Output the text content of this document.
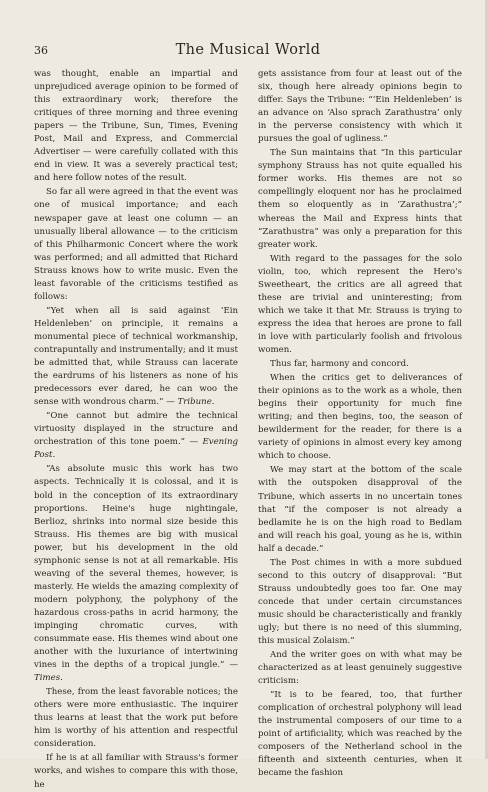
36	The Musical World

was thought, enable an impartial and unprejudiced average opinion to be formed of this extraordinary work; therefore the critiques of three morning and three evening papers — the Tribune, Sun, Times, Evening Post, Mail and Express, and Commercial Advertiser — were carefully collated with this end in view. It was a severely practical test; and here follow notes of the result.

So far all were agreed in that the event was one of musical importance; and each newspaper gave at least one column — an unusually liberal allowance — to the criticism of this Philharmonic Concert where the work was performed; and all admitted that Richard Strauss knows how to write music. Even the least favorable of the criticisms testified as follows:

“Yet when all is said against ‘Ein Heldenleben’ on principle, it remains a monumental piece of technical workmanship, contrapuntally and instrumentally; and it must be admitted that, while Strauss can lacerate the eardrums of his listeners as none of his predecessors ever dared, he can woo the sense with wondrous charm.” — Tribune.

“One cannot but admire the technical virtuosity displayed in the structure and orchestration of this tone poem.” — Evening Post.

“As absolute music this work has two aspects. Technically it is colossal, and it is bold in the conception of its extraordinary proportions. Heine's huge nightingale, Berlioz, shrinks into normal size beside this Strauss. His themes are big with musical power, but his development in the old symphonic sense is not at all remarkable. His weaving of the several themes, however, is masterly. He wields the amazing complexity of modern polyphony, the polyphony of the hazardous cross-paths in acrid harmony, the impinging chromatic curves, with consummate ease. His themes wind about one another with the luxuriance of intertwining vines in the depths of a tropical jungle.” — Times.

These, from the least favorable notices; the others were more enthusiastic. The inquirer thus learns at least that the work put before him is worthy of his attention and respectful consideration.

If he is at all familiar with Strauss's former works, and wishes to compare this with those, he

gets assistance from four at least out of the six, though here already opinions begin to differ. Says the Tribune: “‘Ein Heldenleben’ is an advance on ‘Also sprach Zarathustra’ only in the perverse consistency with which it pursues the goal of ugliness.”

The Sun maintains that “In this particular symphony Strauss has not quite equalled his former works. His themes are not so compellingly eloquent nor has he proclaimed them so eloquently as in ‘Zarathustra’;” whereas the Mail and Express hints that “Zarathustra” was only a preparation for this greater work.

With regard to the passages for the solo violin, too, which represent the Hero's Sweetheart, the critics are all agreed that these are trivial and uninteresting; from which we take it that Mr. Strauss is trying to express the idea that heroes are prone to fall in love with particularly foolish and frivolous women.

Thus far, harmony and concord.

When the critics get to deliverances of their opinions as to the work as a whole, then begins their opportunity for much fine writing; and then begins, too, the season of bewilderment for the reader, for there is a variety of opinions in almost every key among which to choose.

We may start at the bottom of the scale with the outspoken disapproval of the Tribune, which asserts in no uncertain tones that “if the composer is not already a bedlamite he is on the high road to Bedlam and will reach his goal, young as he is, within half a decade.”

The Post chimes in with a more subdued second to this outcry of disapproval: “But Strauss undoubtedly goes too far. One may concede that under certain circumstances music should be characteristically and frankly ugly; but there is no need of this slumming, this musical Zolaism.”

And the writer goes on with what may be characterized as at least genuinely suggestive criticism:

“It is to be feared, too, that further complication of orchestral polyphony will lead the instrumental composers of our time to a point of artificiality, which was reached by the composers of the Netherland school in the fifteenth and sixteenth centuries, when it became the fashion
